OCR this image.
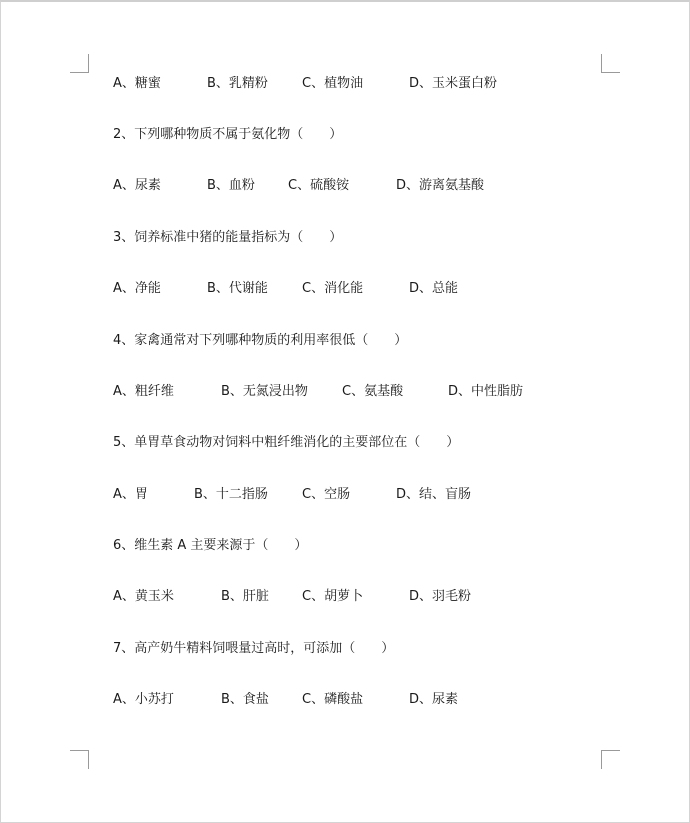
A、糖蜜	B、乳精粉	C、植物油	D、玉米蛋白粉
2、下列哪种物质不属于氨化物（　　）
A、尿素	B、血粉	C、硫酸铵	D、游离氨基酸
3、饲养标准中猪的能量指标为（　　）
A、净能	B、代谢能	C、消化能	D、总能
4、家禽通常对下列哪种物质的利用率很低（　　）
A、粗纤维	B、无氮浸出物	C、氨基酸	D、中性脂肪
5、单胃草食动物对饲料中粗纤维消化的主要部位在（　　）
A、胃	B、十二指肠	C、空肠	D、结、盲肠
6、维生素 A 主要来源于（　　）
A、黄玉米	B、肝脏	C、胡萝卜	D、羽毛粉
7、高产奶牛精料饲喂量过高时，可添加（　　）
A、小苏打	B、食盐	C、磷酸盐	D、尿素
